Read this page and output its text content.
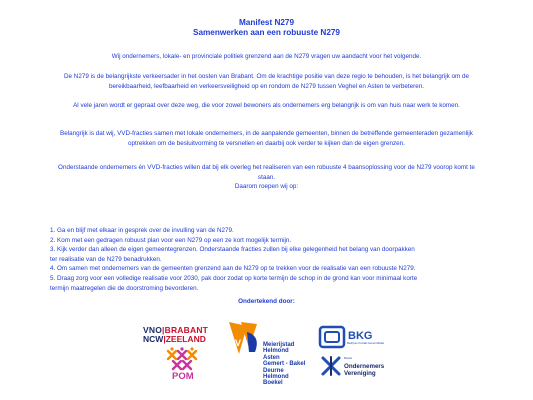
Manifest N279
Samenwerken aan een robuuste N279
Wij ondernemers, lokale- en provinciale politiek grenzend aan de N279 vragen uw aandacht voor het volgende.
De N279 is de belangrijkste verkeersader in het oosten van Brabant. Om de krachtige positie van deze regio te behouden, is het belangrijk om de bereikbaarheid, leefbaarheid en verkeersveiligheid op en rondom de N279 tussen Veghel en Asten te verbeteren.
Al vele jaren wordt er gepraat over deze weg, die voor zowel bewoners als ondernemers erg belangrijk is om van huis naar werk te komen.
Belangrijk is dat wij, VVD-fracties samen met lokale ondernemers, in de aanpalende gemeenten, binnen de betreffende gemeenteraden gezamenlijk optrekken om de besluitvorming te versnellen en daarbij ook verder te kijken dan de eigen grenzen.
Onderstaande ondernemers én VVD-fracties willen dat bij elk overleg het realiseren van een robuuste 4 baansoplossing voor de N279 voorop komt te staan.
Daarom roepen wij op:
1. Ga en blijf met elkaar in gesprek over de invulling van de N279.
2. Kom met een gedragen robuust plan voor een N279 op een ze kort mogelijk termijn.
3. Kijk verder dan alleen de eigen gemeentegrenzen. Onderstaande fracties zullen bij elke gelegenheid het belang van doorpakken
ter realisatie van de N279 benadrukken.
4. Om samen met ondernemers van de gemeenten grenzend aan de N279 op te trekken voor de realisatie van een robuuste N279.
5. Draag zorg voor een volledige realisatie voor 2030, pak door zodat op korte termijn de schop in de grond kan voor minimaal korte
termijn maatregelen die de doorstroming bevorderen.
Ondertekend door:
VNO|BRABANT
NCW|ZEELAND
POM
V	Meierijstad
Helmond
Asten
Gemert - Bakel
Deurne
Helmond
Boekel
BKG
Bedrijven Kontakt Gemert-Bakel
Boekel
Ondernemers
Vereniging
